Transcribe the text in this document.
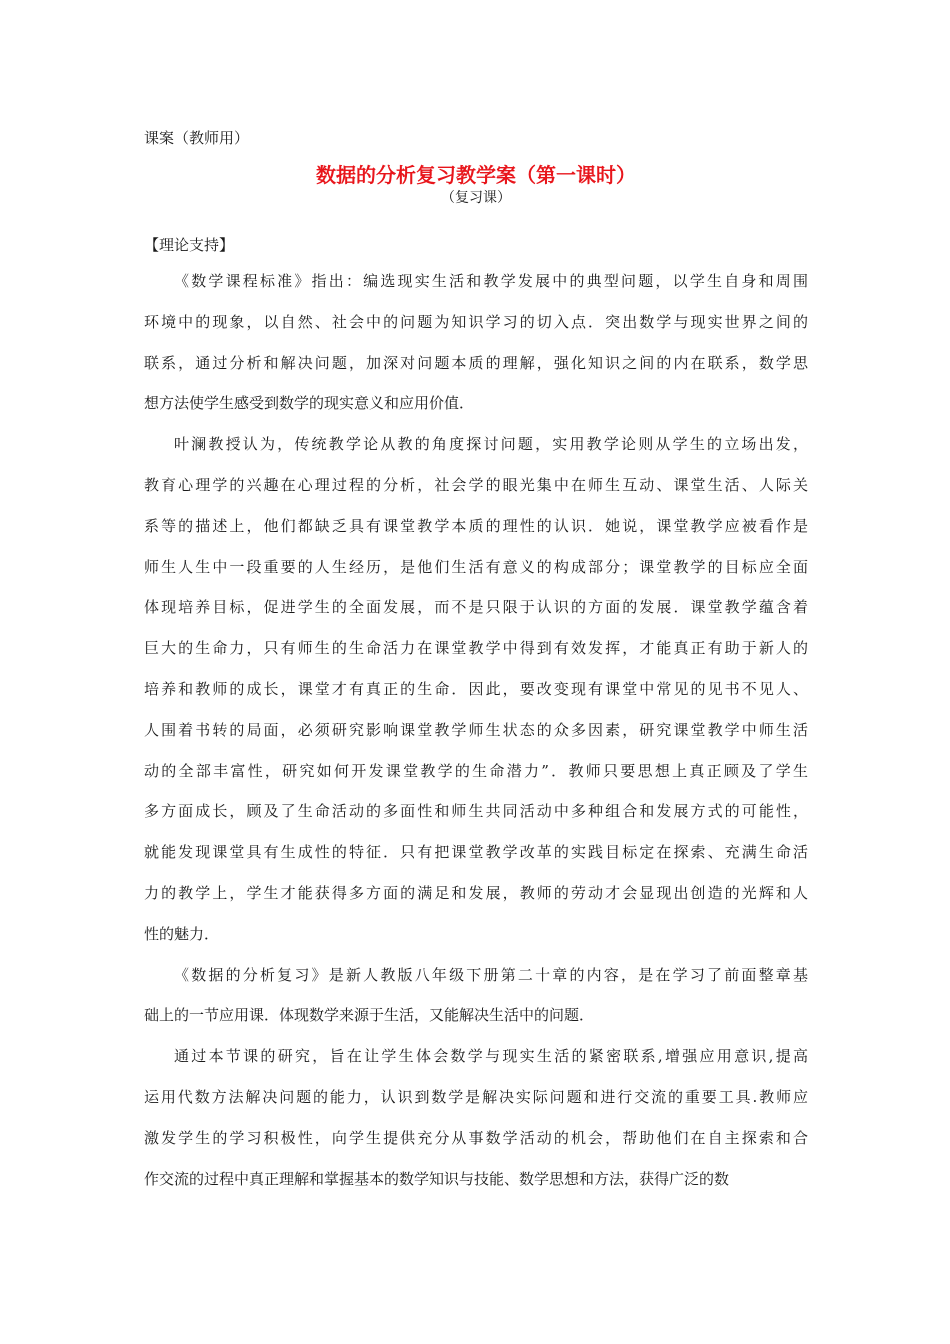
课案（教师用）
数据的分析复习教学案（第一课时）
（复习课）
【理论支持】
《数学课程标准》指出：编选现实生活和教学发展中的典型问题，以学生自身和周围
环境中的现象，以自然、社会中的问题为知识学习的切入点．突出数学与现实世界之间的
联系，通过分析和解决问题，加深对问题本质的理解，强化知识之间的内在联系，数学思
想方法使学生感受到数学的现实意义和应用价值．
叶澜教授认为，传统教学论从教的角度探讨问题，实用教学论则从学生的立场出发，
教育心理学的兴趣在心理过程的分析，社会学的眼光集中在师生互动、课堂生活、人际关
系等的描述上，他们都缺乏具有课堂教学本质的理性的认识．她说，课堂教学应被看作是
师生人生中一段重要的人生经历，是他们生活有意义的构成部分；课堂教学的目标应全面
体现培养目标，促进学生的全面发展，而不是只限于认识的方面的发展．课堂教学蕴含着
巨大的生命力，只有师生的生命活力在课堂教学中得到有效发挥，才能真正有助于新人的
培养和教师的成长，课堂才有真正的生命．因此，要改变现有课堂中常见的见书不见人、
人围着书转的局面，必须研究影响课堂教学师生状态的众多因素，研究课堂教学中师生活
动的全部丰富性，研究如何开发课堂教学的生命潜力”．教师只要思想上真正顾及了学生
多方面成长，顾及了生命活动的多面性和师生共同活动中多种组合和发展方式的可能性，
就能发现课堂具有生成性的特征．只有把课堂教学改革的实践目标定在探索、充满生命活
力的教学上，学生才能获得多方面的满足和发展，教师的劳动才会显现出创造的光辉和人
性的魅力．
《数据的分析复习》是新人教版八年级下册第二十章的内容，是在学习了前面整章基
础上的一节应用课．体现数学来源于生活，又能解决生活中的问题．
通过本节课的研究，旨在让学生体会数学与现实生活的紧密联系,增强应用意识,提高
运用代数方法解决问题的能力，认识到数学是解决实际问题和进行交流的重要工具.教师应
激发学生的学习积极性，向学生提供充分从事数学活动的机会，帮助他们在自主探索和合
作交流的过程中真正理解和掌握基本的数学知识与技能、数学思想和方法，获得广泛的数
